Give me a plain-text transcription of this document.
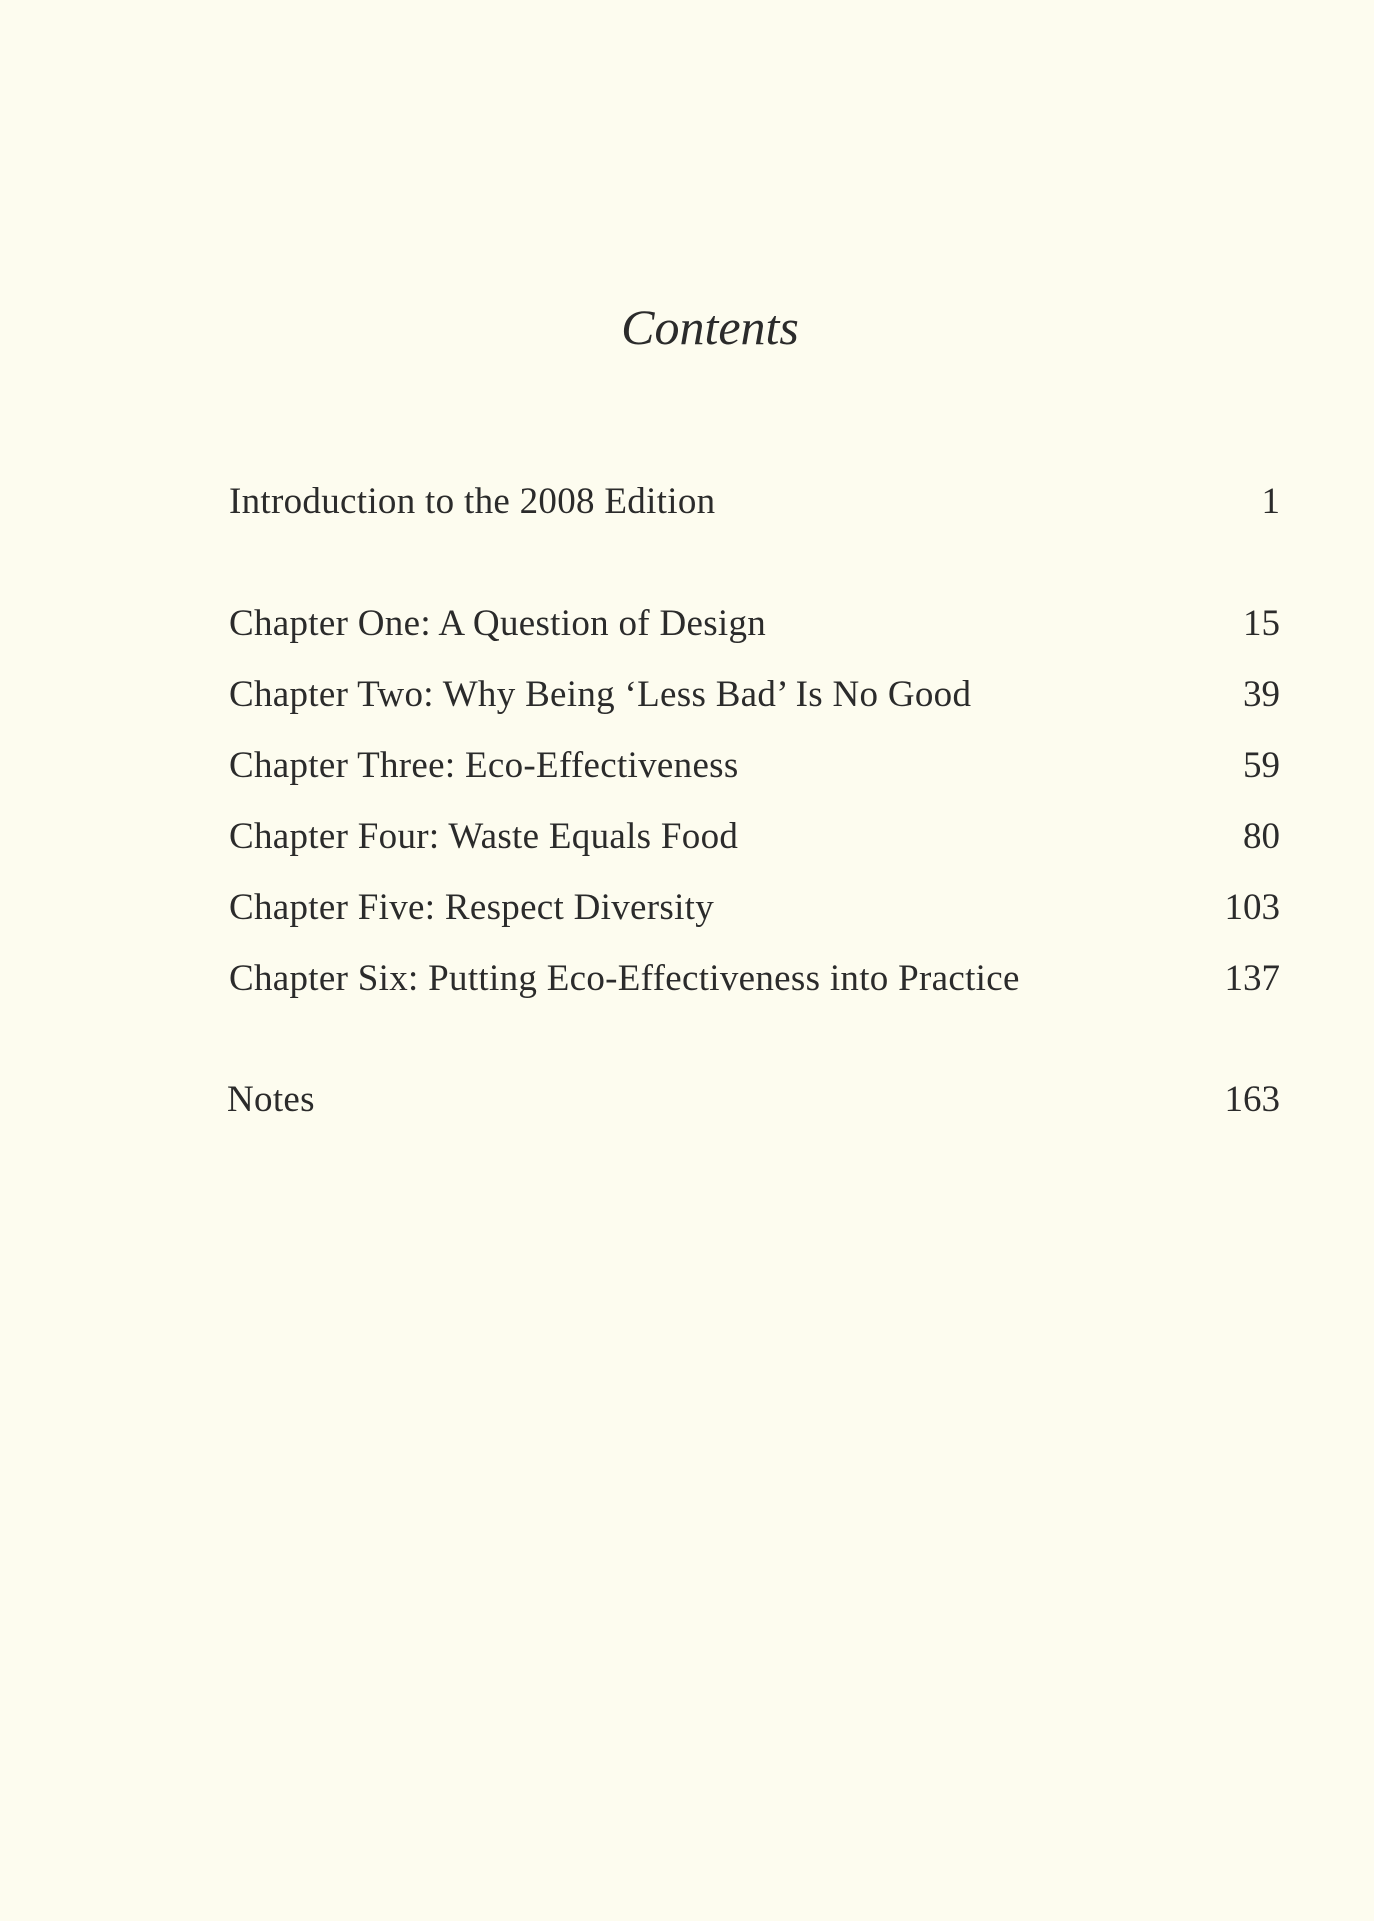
Contents
Introduction to the 2008 Edition	1
Chapter One: A Question of Design	15
Chapter Two: Why Being ‘Less Bad’ Is No Good	39
Chapter Three: Eco-Effectiveness	59
Chapter Four: Waste Equals Food	80
Chapter Five: Respect Diversity	103
Chapter Six: Putting Eco-Effectiveness into Practice	137
Notes	163
